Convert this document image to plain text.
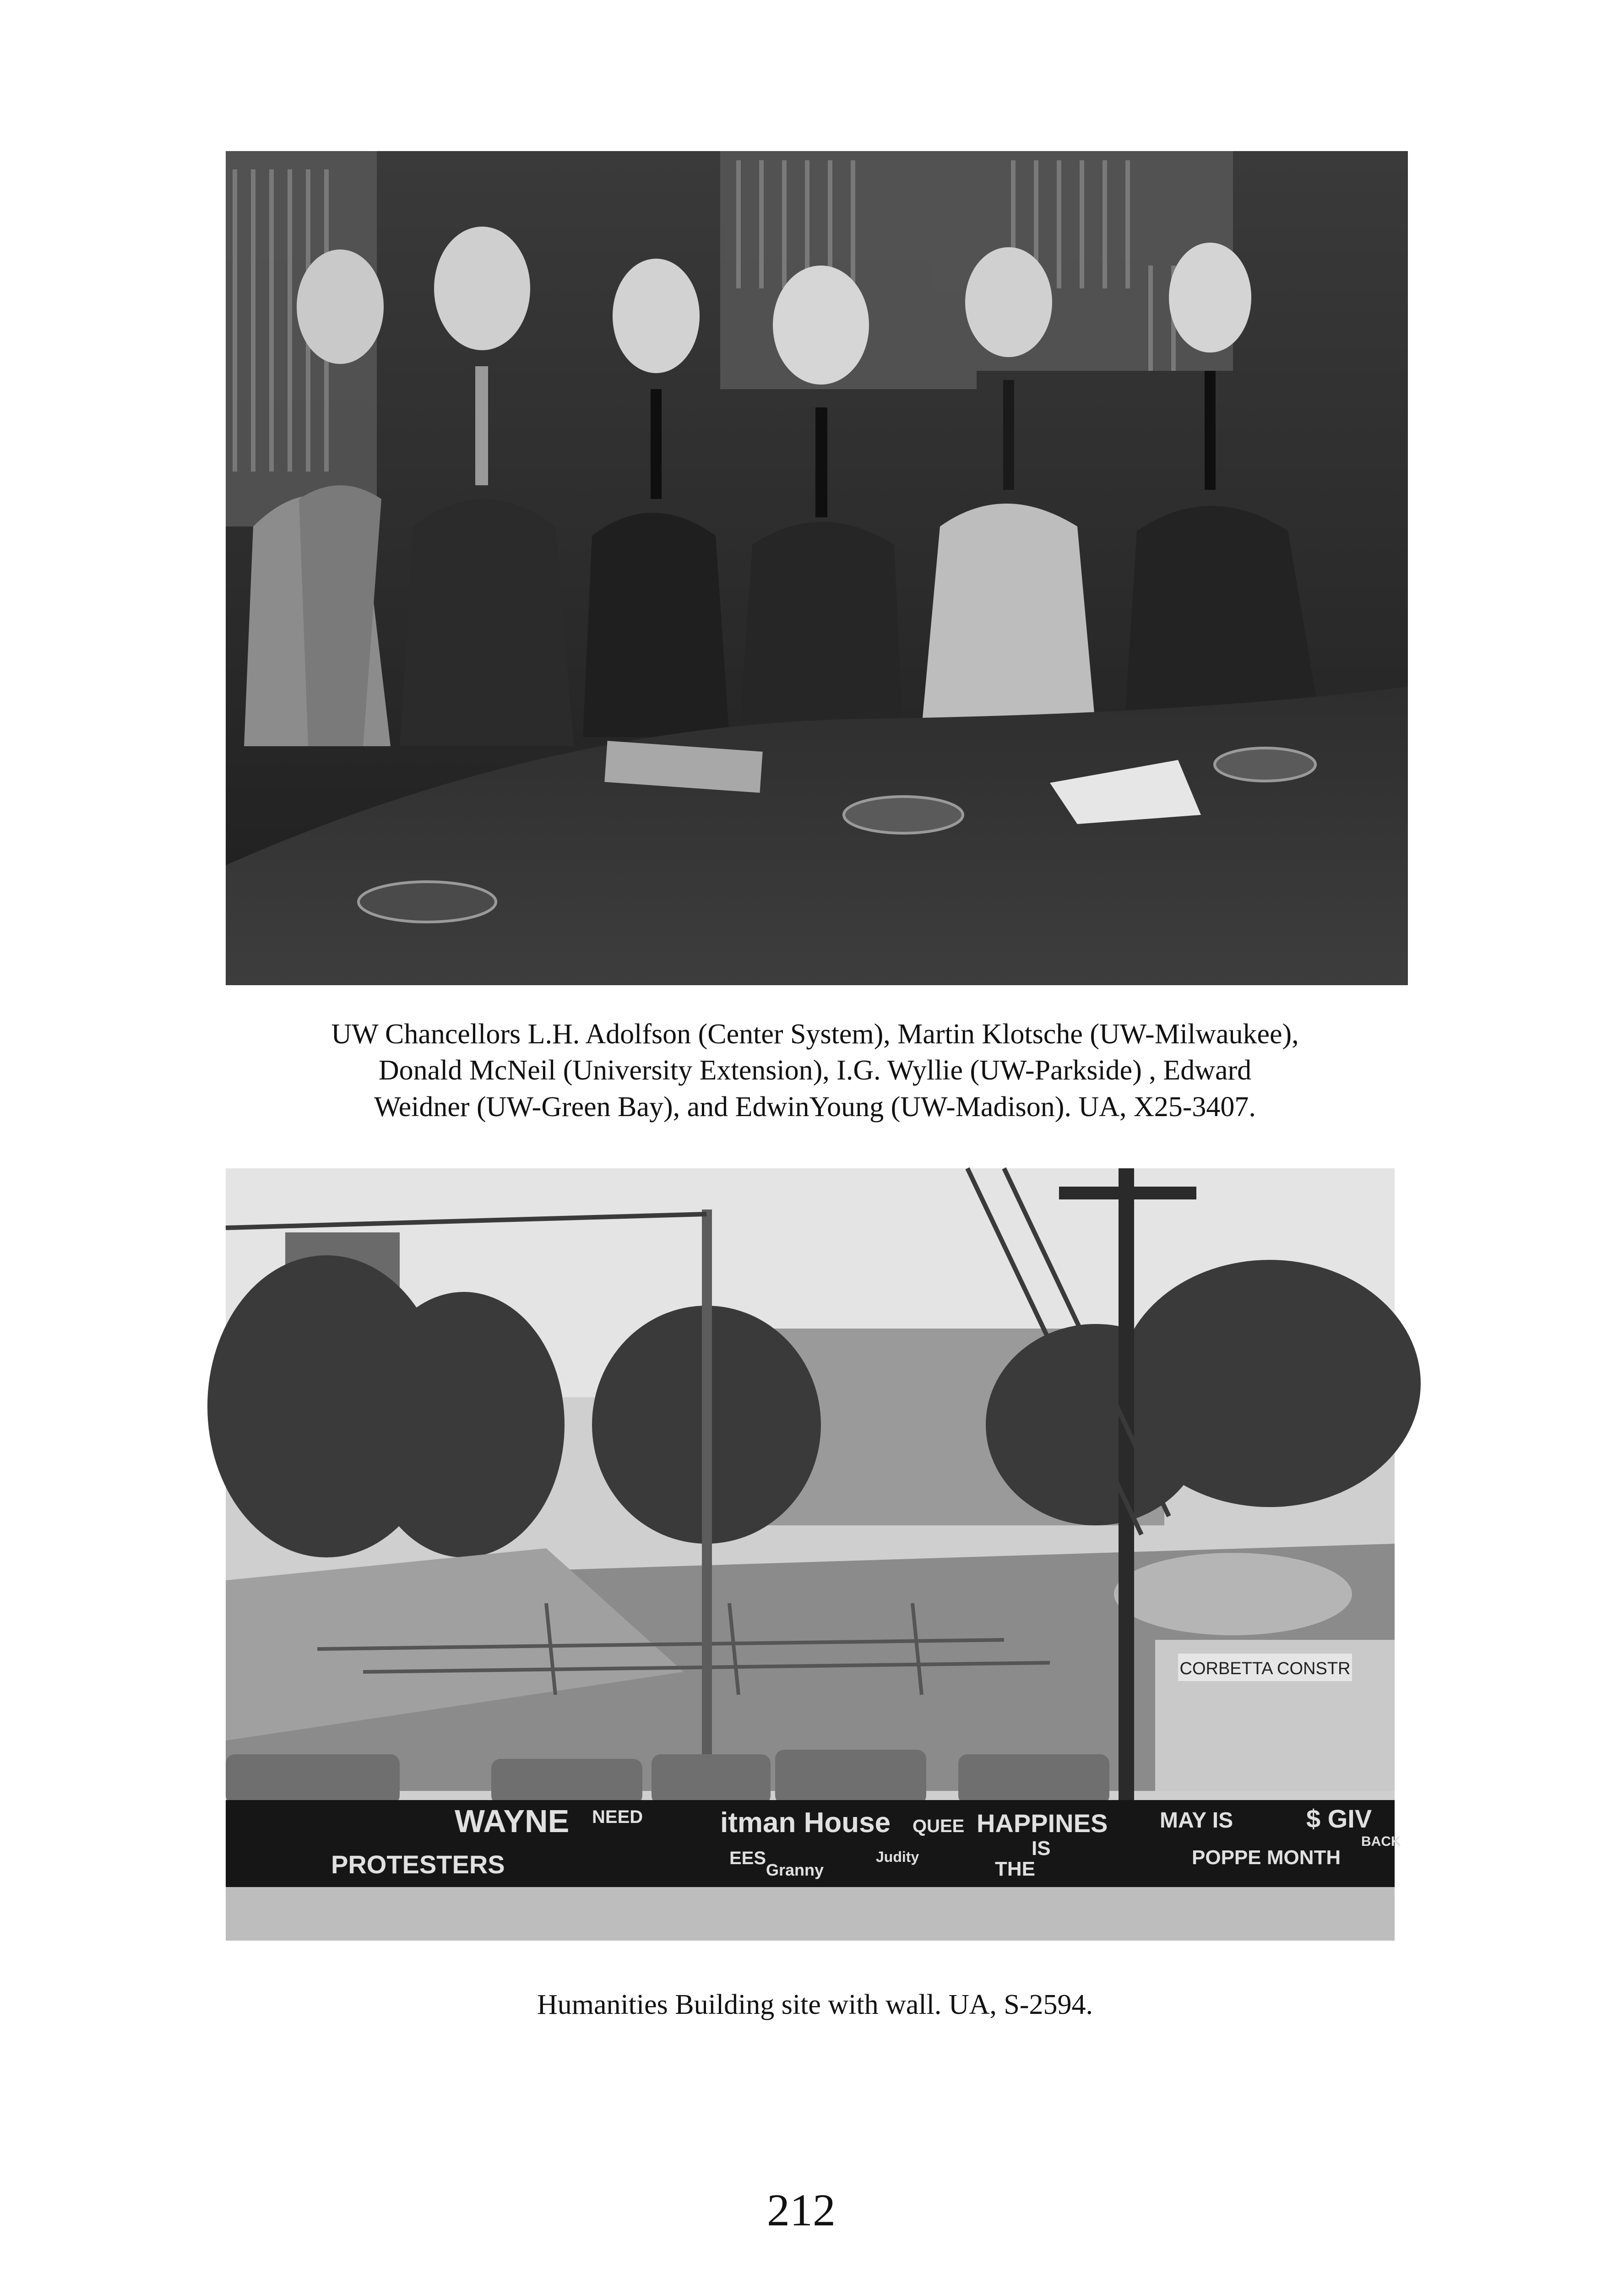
UW Chancellors L.H. Adolfson (Center System), Martin Klotsche (UW-Milwaukee),
Donald McNeil (University Extension), I.G. Wyllie (UW-Parkside) , Edward
Weidner (UW-Green Bay), and EdwinYoung (UW-Madison). UA, X25-3407.
CORBETTA CONSTR
WAYNE NEED	itman House
EES
Granny
Judity
QUEE HAPPINES
IS
THE
MAY IS	$ GIV
BACK
POPPE MONTH
PROTESTERS
Humanities Building site with wall. UA, S-2594.
212
